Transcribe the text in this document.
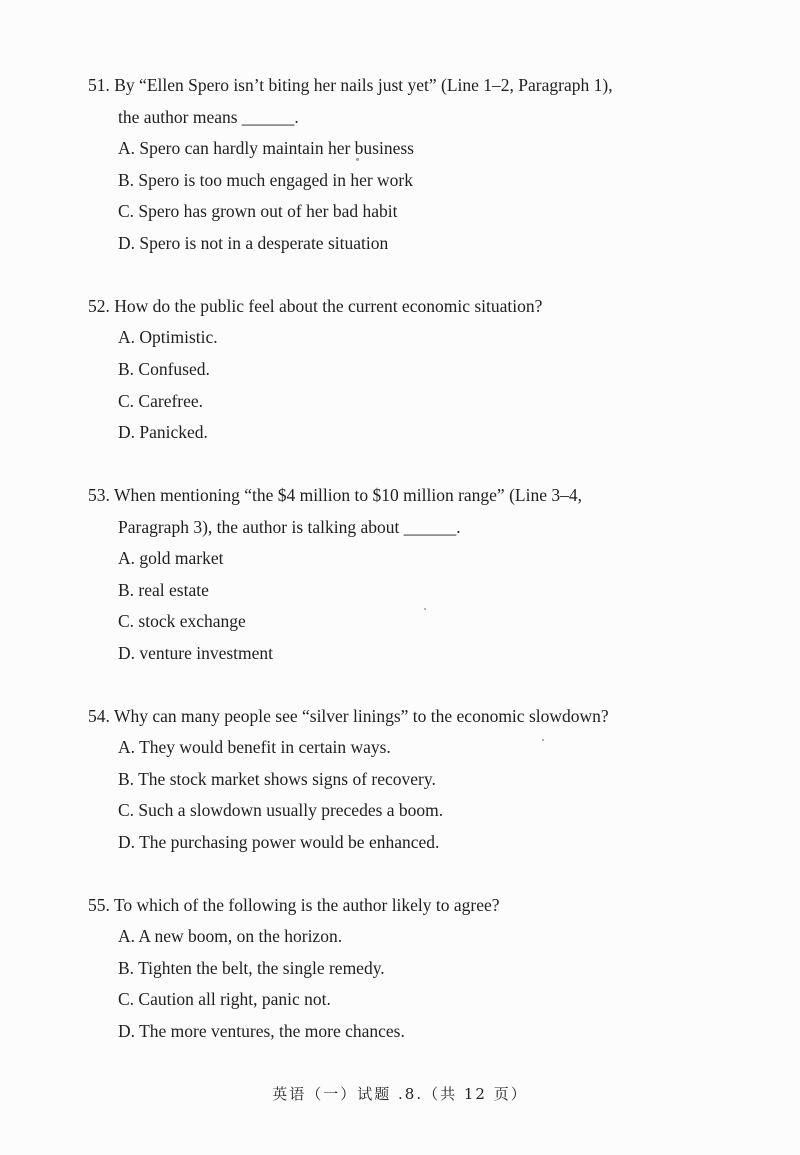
51. By “Ellen Spero isn’t biting her nails just yet” (Line 1–2, Paragraph 1),
the author means ______.
A. Spero can hardly maintain her business
B. Spero is too much engaged in her work
C. Spero has grown out of her bad habit
D. Spero is not in a desperate situation
52. How do the public feel about the current economic situation?
A. Optimistic.
B. Confused.
C. Carefree.
D. Panicked.
53. When mentioning “the $4 million to $10 million range” (Line 3–4,
Paragraph 3), the author is talking about ______.
A. gold market
B. real estate
C. stock exchange
D. venture investment
54. Why can many people see “silver linings” to the economic slowdown?
A. They would benefit in certain ways.
B. The stock market shows signs of recovery.
C. Such a slowdown usually precedes a boom.
D. The purchasing power would be enhanced.
55. To which of the following is the author likely to agree?
A. A new boom, on the horizon.
B. Tighten the belt, the single remedy.
C. Caution all right, panic not.
D. The more ventures, the more chances.
英语（一）试题 .8.（共 12 页）
